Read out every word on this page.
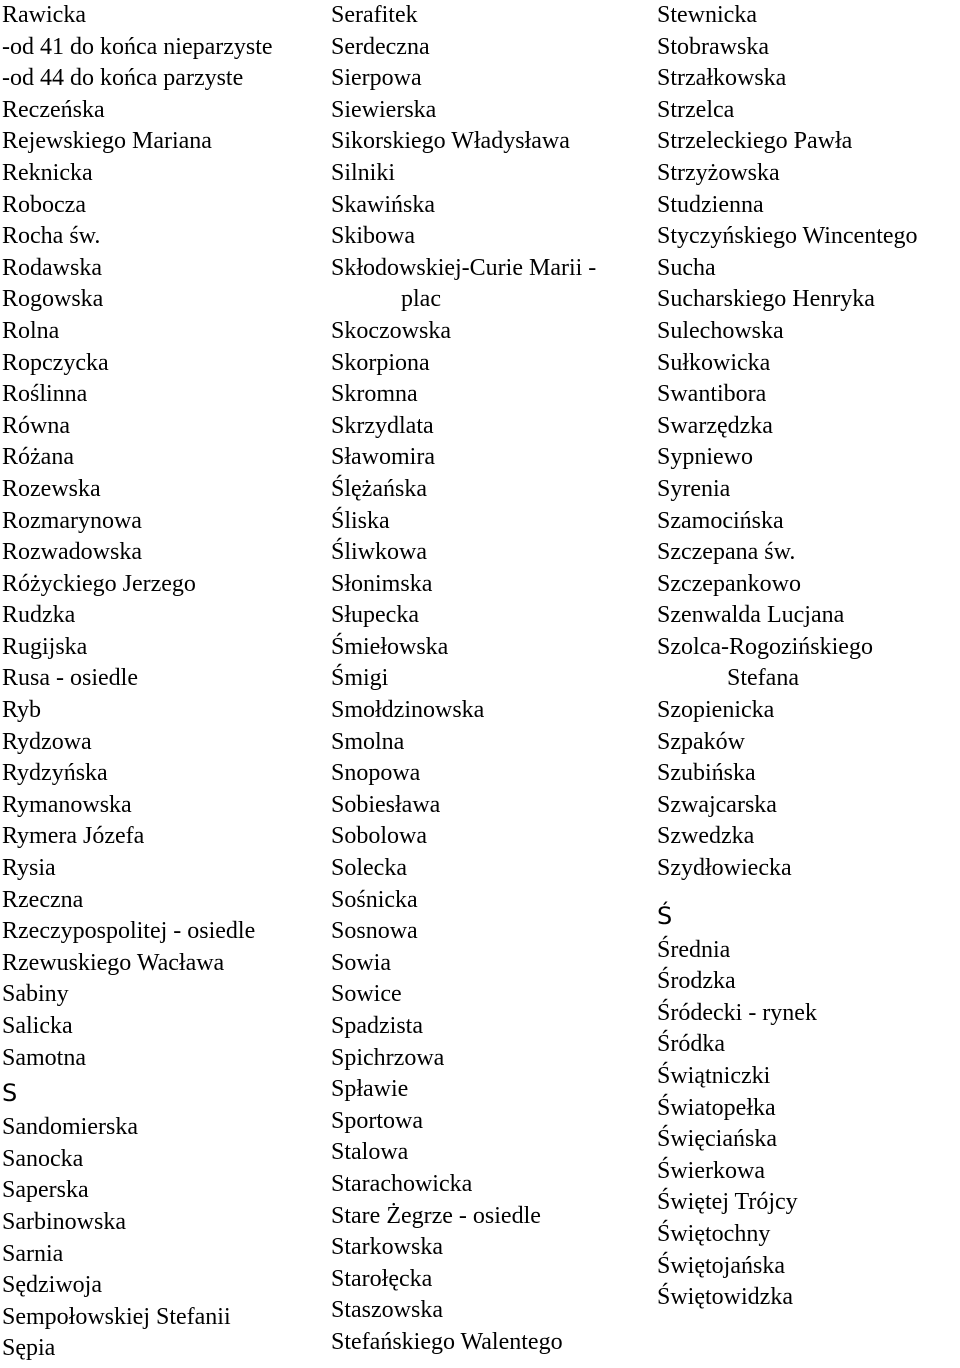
Rawicka
-od 41 do końca nieparzyste
-od 44 do końca parzyste
Reczeńska
Rejewskiego Mariana
Reknicka
Robocza
Rocha św.
Rodawska
Rogowska
Rolna
Ropczycka
Roślinna
Równa
Różana
Rozewska
Rozmarynowa
Rozwadowska
Różyckiego Jerzego
Rudzka
Rugijska
Rusa - osiedle
Ryb
Rydzowa
Rydzyńska
Rymanowska
Rymera Józefa
Rysia
Rzeczna
Rzeczypospolitej - osiedle
Rzewuskiego Wacława
Sabiny
Salicka
Samotna
S
Sandomierska
Sanocka
Saperska
Sarbinowska
Sarnia
Sędziwoja
Sempołowskiej Stefanii
Sępia
Serafitek
Serdeczna
Sierpowa
Siewierska
Sikorskiego Władysława
Silniki
Skawińska
Skibowa
Skłodowskiej-Curie Marii -
plac
Skoczowska
Skorpiona
Skromna
Skrzydlata
Sławomira
Ślężańska
Śliska
Śliwkowa
Słonimska
Słupecka
Śmiełowska
Śmigi
Smołdzinowska
Smolna
Snopowa
Sobiesława
Sobolowa
Solecka
Sośnicka
Sosnowa
Sowia
Sowice
Spadzista
Spichrzowa
Spławie
Sportowa
Stalowa
Starachowicka
Stare Żegrze - osiedle
Starkowska
Starołęcka
Staszowska
Stefańskiego Walentego
Stewnicka
Stobrawska
Strzałkowska
Strzelca
Strzeleckiego Pawła
Strzyżowska
Studzienna
Styczyńskiego Wincentego
Sucha
Sucharskiego Henryka
Sulechowska
Sułkowicka
Swantibora
Swarzędzka
Sypniewo
Syrenia
Szamocińska
Szczepana św.
Szczepankowo
Szenwalda Lucjana
Szolca-Rogozińskiego
Stefana
Szopienicka
Szpaków
Szubińska
Szwajcarska
Szwedzka
Szydłowiecka
Ś
Średnia
Środzka
Śródecki - rynek
Śródka
Świątniczki
Światopełka
Święciańska
Świerkowa
Świętej Trójcy
Świętochny
Świętojańska
Świętowidzka
